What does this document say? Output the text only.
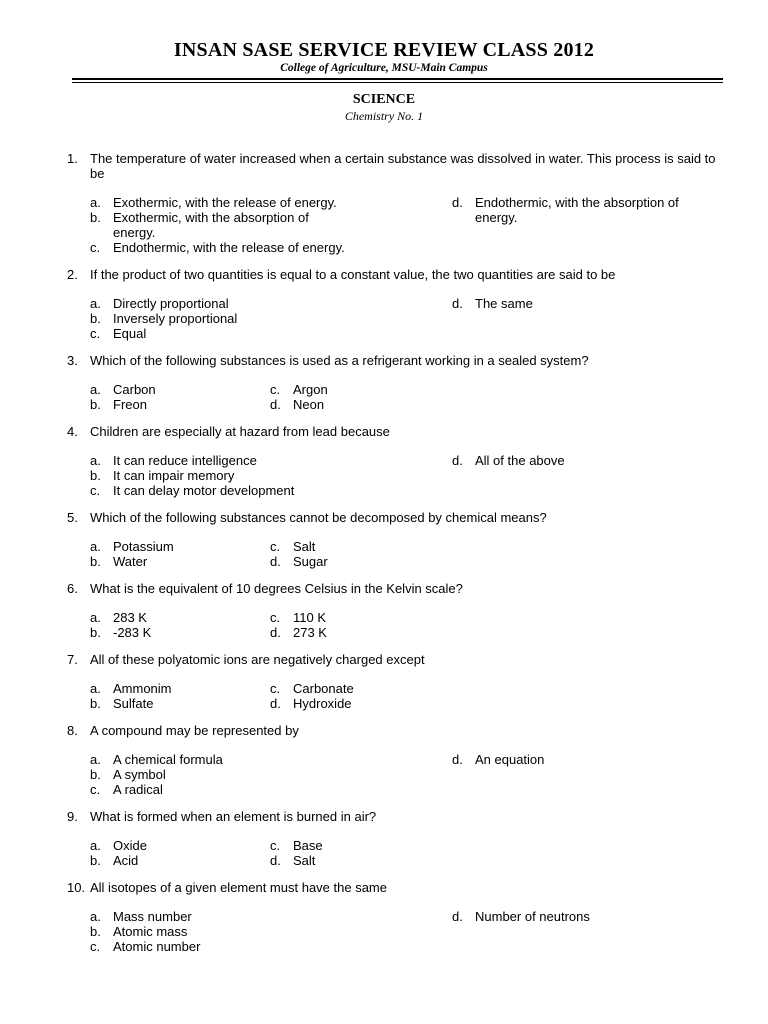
INSAN SASE SERVICE REVIEW CLASS 2012
College of Agriculture, MSU-Main Campus
SCIENCE
Chemistry No. 1
1. The temperature of water increased when a certain substance was dissolved in water. This process is said to be
a. Exothermic, with the release of energy.
b. Exothermic, with the absorption of energy.
c. Endothermic, with the release of energy.
d. Endothermic, with the absorption of energy.
2. If the product of two quantities is equal to a constant value, the two quantities are said to be
a. Directly proportional
b. Inversely proportional
c. Equal
d. The same
3. Which of the following substances is used as a refrigerant working in a sealed system?
a. Carbon
b. Freon
c. Argon
d. Neon
4. Children are especially at hazard from lead because
a. It can reduce intelligence
b. It can impair memory
c. It can delay motor development
d. All of the above
5. Which of the following substances cannot be decomposed by chemical means?
a. Potassium
b. Water
c. Salt
d. Sugar
6. What is the equivalent of 10 degrees Celsius in the Kelvin scale?
a. 283 K
b. -283 K
c. 110 K
d. 273 K
7. All of these polyatomic ions are negatively charged except
a. Ammonim
b. Sulfate
c. Carbonate
d. Hydroxide
8. A compound may be represented by
a. A chemical formula
b. A symbol
c. A radical
d. An equation
9. What is formed when an element is burned in air?
a. Oxide
b. Acid
c. Base
d. Salt
10. All isotopes of a given element must have the same
a. Mass number
b. Atomic mass
c. Atomic number
d. Number of neutrons
